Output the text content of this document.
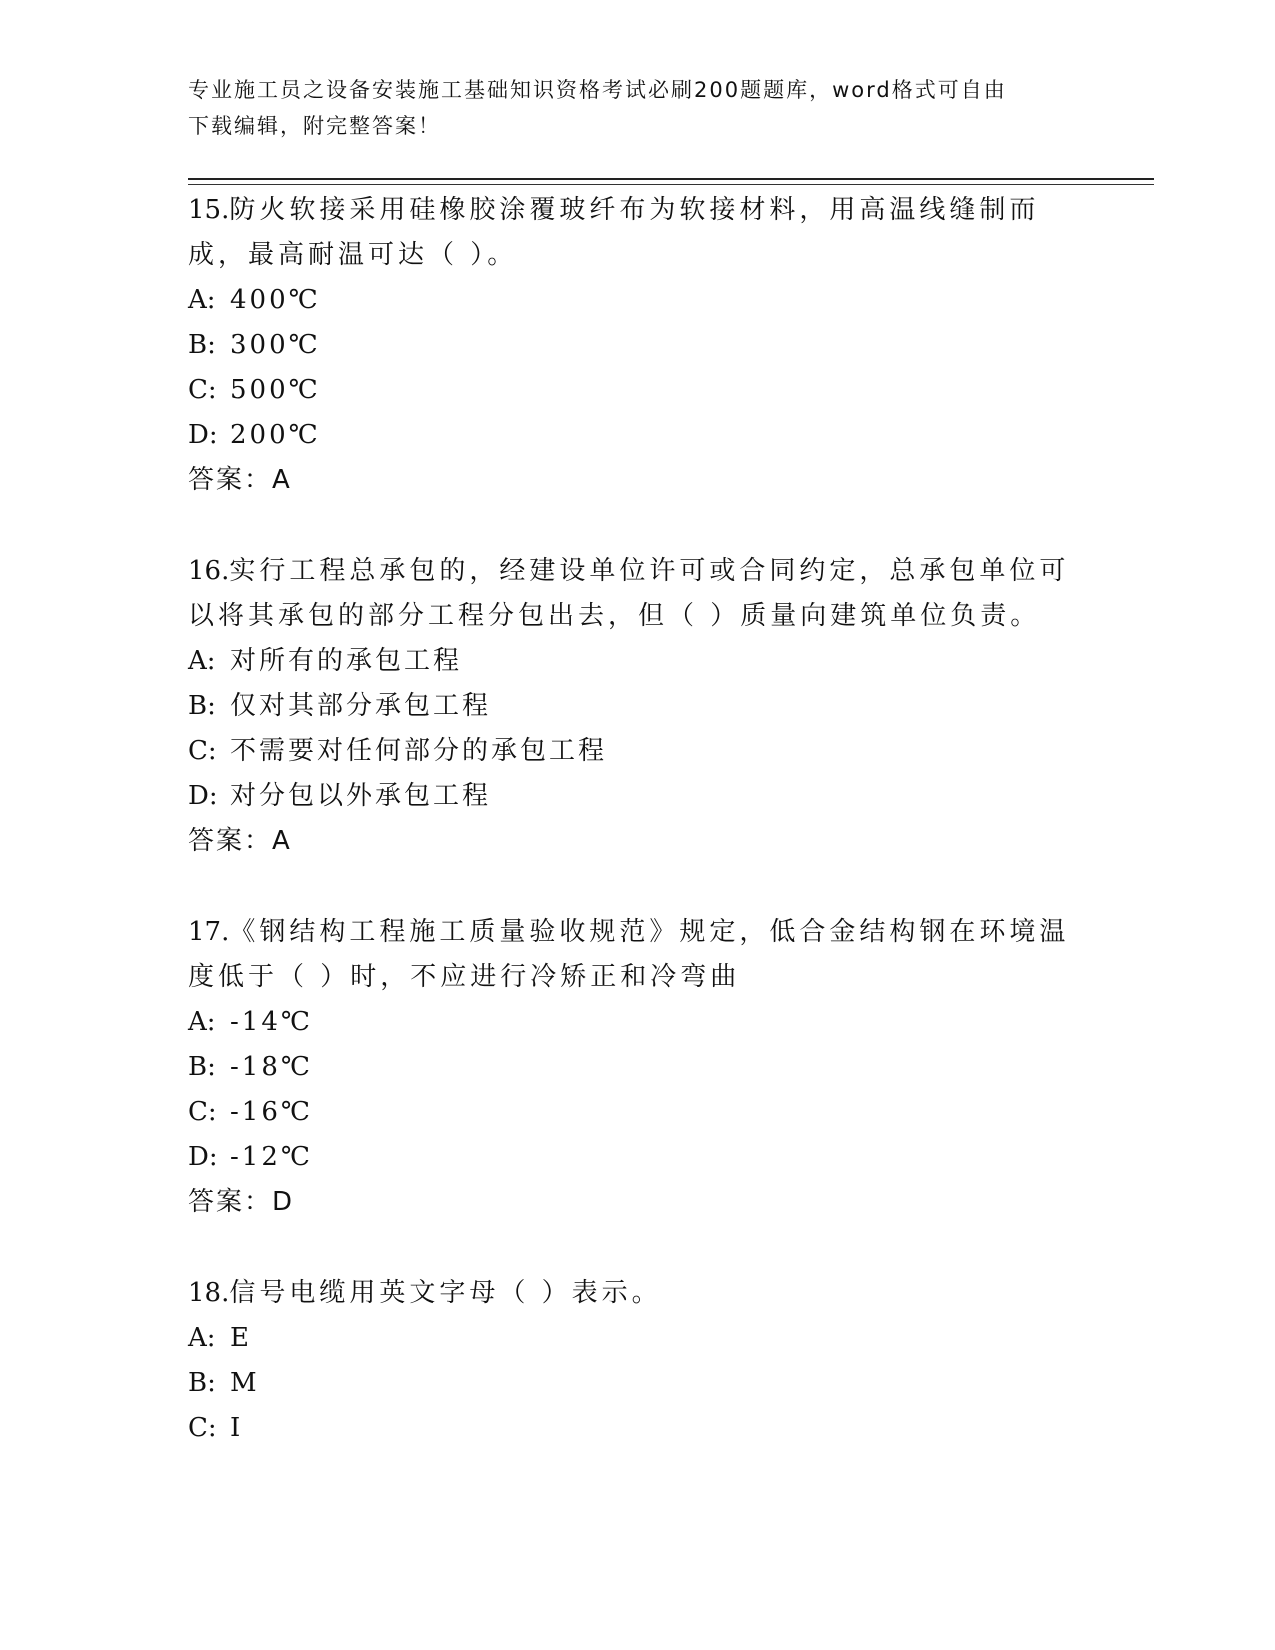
专业施工员之设备安装施工基础知识资格考试必刷200题题库，word格式可自由
下载编辑，附完整答案！

15.防火软接采用硅橡胶涂覆玻纤布为软接材料，用高温线缝制而成，最高耐温可达（ ）。

A: 400℃
B: 300℃
C: 500℃
D: 200℃
答案：A

16.实行工程总承包的，经建设单位许可或合同约定，总承包单位可以将其承包的部分工程分包出去，但（ ）质量向建筑单位负责。

A: 对所有的承包工程
B: 仅对其部分承包工程
C: 不需要对任何部分的承包工程
D: 对分包以外承包工程
答案：A

17.《钢结构工程施工质量验收规范》规定，低合金结构钢在环境温度低于（ ）时，不应进行冷矫正和冷弯曲

A: -14℃
B: -18℃
C: -16℃
D: -12℃
答案：D

18.信号电缆用英文字母（ ）表示。

A: E
B: M
C: I
